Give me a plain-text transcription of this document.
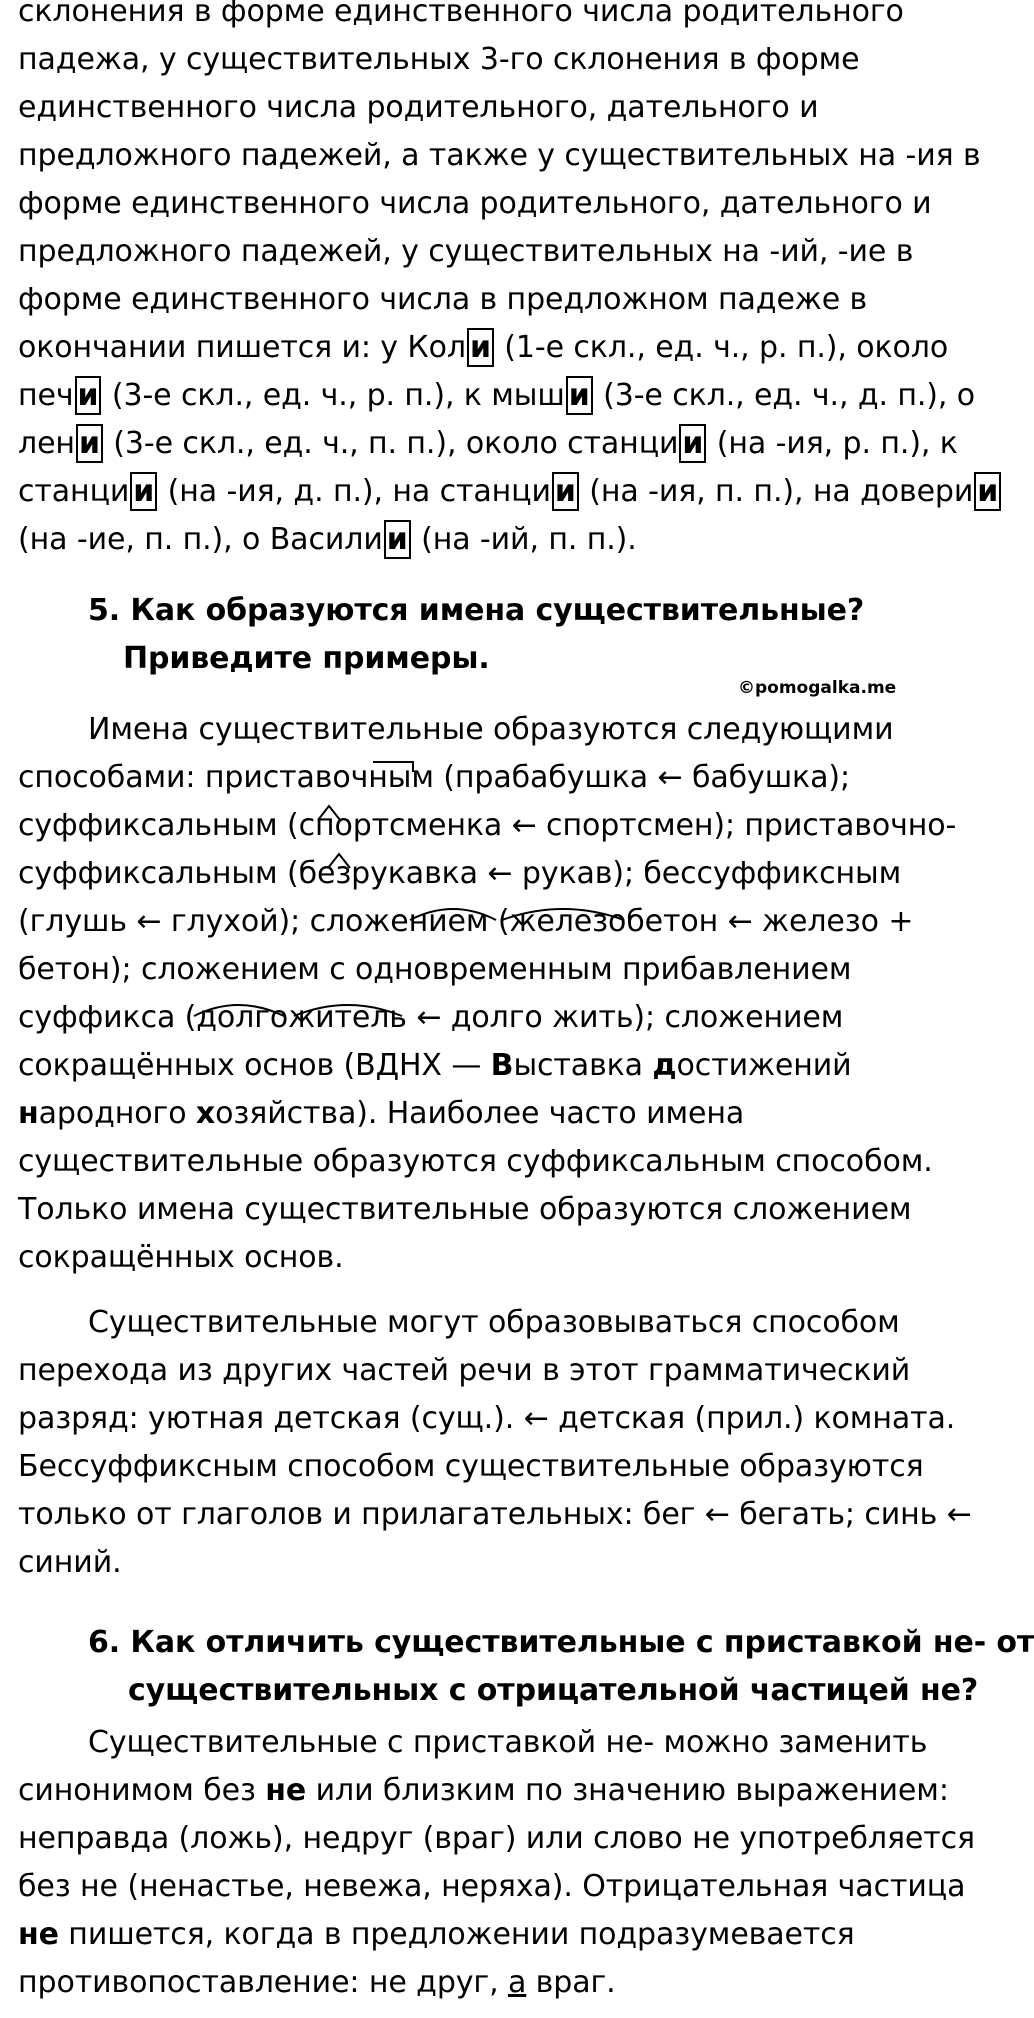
склонения в форме единственного числа родительного
падежа, у существительных 3-го склонения в форме
единственного числа родительного, дательного и
предложного падежей, а также у существительных на -ия в
форме единственного числа родительного, дательного и
предложного падежей, у существительных на -ий, -ие в
форме единственного числа в предложном падеже в
окончании пишется и: у Кол и (1-е скл., ед. ч., р. п.), около
печ и (3-е скл., ед. ч., р. п.), к мыш и (3-е скл., ед. ч., д. п.), о
лен и (3-е скл., ед. ч., п. п.), около станци и (на -ия, р. п.), к
станци и (на -ия, д. п.), на станци и (на -ия, п. п.), на довери и
(на -ие, п. п.), о Васили и (на -ий, п. п.).
5. Как образуются имена существительные?
Приведите примеры.
©pomogalka.me
Имена существительные образуются следующими
способами: приставочным (прабабушка ← бабушка);
суффиксальным (спортсменка ← спортсмен); приставочно-
суффиксальным (безрукавка ← рукав); бессуффиксным
(глушь ← глухой); сложением (железобетон ← железо +
бетон); сложением с одновременным прибавлением
суффикса (долгожитель ← долго жить); сложением
сокращённых основ (ВДНХ — Выставка достижений
народного хозяйства). Наиболее часто имена
существительные образуются суффиксальным способом.
Только имена существительные образуются сложением
сокращённых основ.
Существительные могут образовываться способом
перехода из других частей речи в этот грамматический
разряд: уютная детская (сущ.). ← детская (прил.) комната.
Бессуффиксным способом существительные образуются
только от глаголов и прилагательных: бег ← бегать; синь ←
синий.
6. Как отличить существительные с приставкой не- от
существительных с отрицательной частицей не?
Существительные с приставкой не- можно заменить
синонимом без не или близким по значению выражением:
неправда (ложь), недруг (враг) или слово не употребляется
без не (ненастье, невежа, неряха). Отрицательная частица
не пишется, когда в предложении подразумевается
противопоставление: не друг, а враг.
